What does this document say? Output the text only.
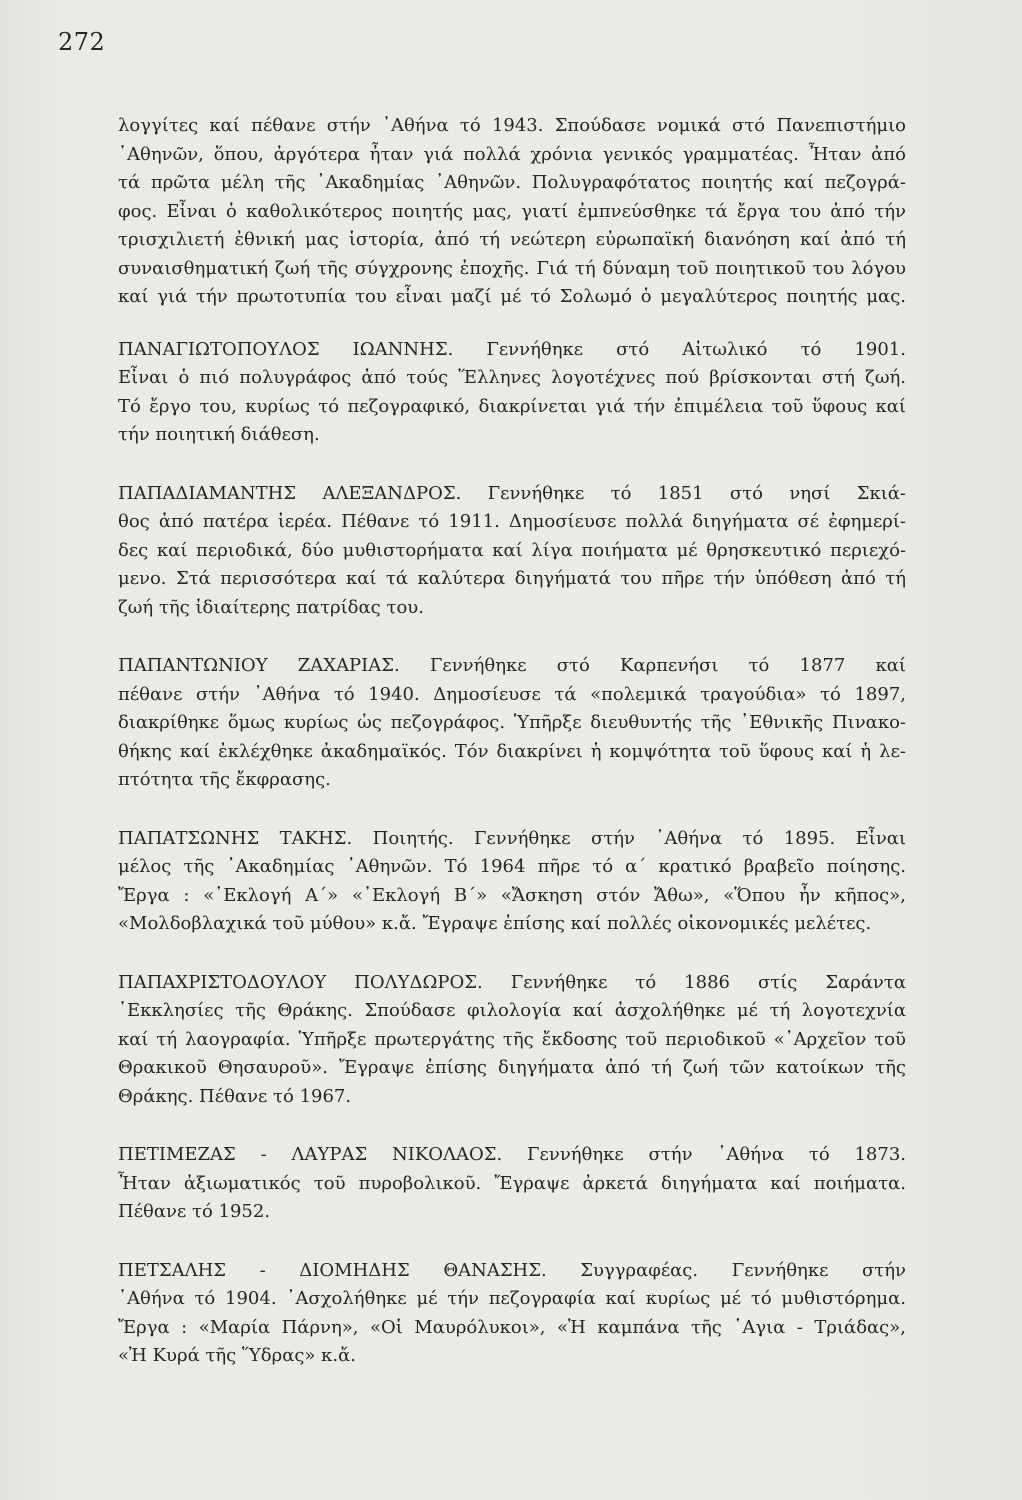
272
λογγίτες καί πέθανε στήν ᾽Αθήνα τό 1943. Σπούδασε νομικά στό Πανεπιστήμιο
᾽Αθηνῶν, ὅπου, ἀργότερα ἦταν γιά πολλά χρόνια γενικός γραμματέας. Ἦταν ἀπό
τά πρῶτα μέλη τῆς ᾽Ακαδημίας ᾽Αθηνῶν. Πολυγραφότατος ποιητής καί πεζογρά-
φος. Εἶναι ὁ καθολικότερος ποιητής μας, γιατί ἐμπνεύσθηκε τά ἔργα του ἀπό τήν
τρισχιλιετή ἐθνική μας ἱστορία, ἀπό τή νεώτερη εὐρωπαϊκή διανόηση καί ἀπό τή
συναισθηματική ζωή τῆς σύγχρονης ἐποχῆς. Γιά τή δύναμη τοῦ ποιητικοῦ του λόγου
καί γιά τήν πρωτοτυπία του εἶναι μαζί μέ τό Σολωμό ὁ μεγαλύτερος ποιητής μας.
ΠΑΝΑΓΙΩΤΟΠΟΥΛΟΣ ΙΩΑΝΝΗΣ. Γεννήθηκε στό Αἰτωλικό τό 1901.
Εἶναι ὁ πιό πολυγράφος ἀπό τούς Ἕλληνες λογοτέχνες πού βρίσκονται στή ζωή.
Τό ἔργο του, κυρίως τό πεζογραφικό, διακρίνεται γιά τήν ἐπιμέλεια τοῦ ὕφους καί
τήν ποιητική διάθεση.
ΠΑΠΑΔΙΑΜΑΝΤΗΣ ΑΛΕΞΑΝΔΡΟΣ. Γεννήθηκε τό 1851 στό νησί Σκιά-
θος ἀπό πατέρα ἱερέα. Πέθανε τό 1911. Δημοσίευσε πολλά διηγήματα σέ ἐφημερί-
δες καί περιοδικά, δύο μυθιστορήματα καί λίγα ποιήματα μέ θρησκευτικό περιεχό-
μενο. Στά περισσότερα καί τά καλύτερα διηγήματά του πῆρε τήν ὑπόθεση ἀπό τή
ζωή τῆς ἰδιαίτερης πατρίδας του.
ΠΑΠΑΝΤΩΝΙΟΥ ΖΑΧΑΡΙΑΣ. Γεννήθηκε στό Καρπενήσι τό 1877 καί
πέθανε στήν ᾽Αθήνα τό 1940. Δημοσίευσε τά «πολεμικά τραγούδια» τό 1897,
διακρίθηκε ὅμως κυρίως ὡς πεζογράφος. Ὑπῆρξε διευθυντής τῆς ᾽Εθνικῆς Πινακο-
θήκης καί ἐκλέχθηκε ἀκαδημαϊκός. Τόν διακρίνει ἡ κομψότητα τοῦ ὕφους καί ἡ λε-
πτότητα τῆς ἔκφρασης.
ΠΑΠΑΤΣΩΝΗΣ ΤΑΚΗΣ. Ποιητής. Γεννήθηκε στήν ᾽Αθήνα τό 1895. Εἶναι
μέλος τῆς ᾽Ακαδημίας ᾽Αθηνῶν. Τό 1964 πῆρε τό α΄ κρατικό βραβεῖο ποίησης.
Ἔργα : «᾽Εκλογή Α΄» «᾽Εκλογή Β΄» «Ἄσκηση στόν Ἄθω», «Ὅπου ἦν κῆπος»,
«Μολδοβλαχικά τοῦ μύθου» κ.ἄ. Ἔγραψε ἐπίσης καί πολλές οἰκονομικές μελέτες.
ΠΑΠΑΧΡΙΣΤΟΔΟΥΛΟΥ ΠΟΛΥΔΩΡΟΣ. Γεννήθηκε τό 1886 στίς Σαράντα
᾽Εκκλησίες τῆς Θράκης. Σπούδασε φιλολογία καί ἀσχολήθηκε μέ τή λογοτεχνία
καί τή λαογραφία. Ὑπῆρξε πρωτεργάτης τῆς ἔκδοσης τοῦ περιοδικοῦ «᾽Αρχεῖον τοῦ
Θρακικοῦ Θησαυροῦ». Ἔγραψε ἐπίσης διηγήματα ἀπό τή ζωή τῶν κατοίκων τῆς
Θράκης. Πέθανε τό 1967.
ΠΕΤΙΜΕΖΑΣ - ΛΑΥΡΑΣ ΝΙΚΟΛΑΟΣ. Γεννήθηκε στήν ᾽Αθήνα τό 1873.
Ἦταν ἀξιωματικός τοῦ πυροβολικοῦ. Ἔγραψε ἀρκετά διηγήματα καί ποιήματα.
Πέθανε τό 1952.
ΠΕΤΣΑΛΗΣ - ΔΙΟΜΗΔΗΣ ΘΑΝΑΣΗΣ. Συγγραφέας. Γεννήθηκε στήν
᾽Αθήνα τό 1904. ᾽Ασχολήθηκε μέ τήν πεζογραφία καί κυρίως μέ τό μυθιστόρημα.
Ἔργα : «Μαρία Πάρνη», «Οἱ Μαυρόλυκοι», «Ἡ καμπάνα τῆς ῾Αγια - Τριάδας»,
«Ἡ Κυρά τῆς Ὕδρας» κ.ἄ.
